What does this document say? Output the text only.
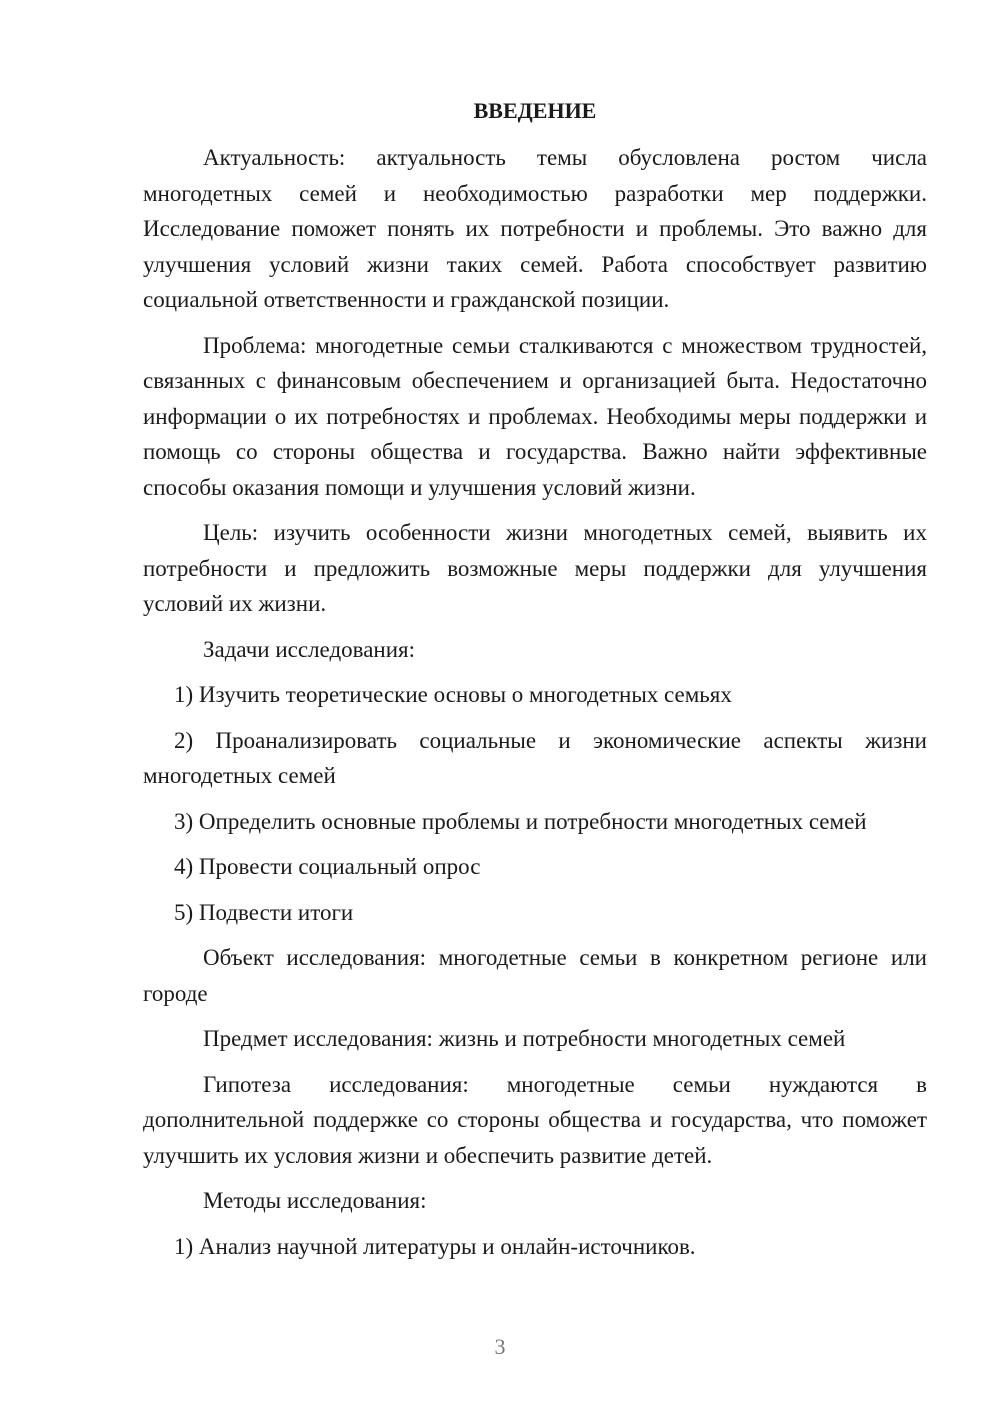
ВВЕДЕНИЕ

Актуальность: актуальность темы обусловлена ростом числа многодетных семей и необходимостью разработки мер поддержки. Исследование поможет понять их потребности и проблемы. Это важно для улучшения условий жизни таких семей. Работа способствует развитию социальной ответственности и гражданской позиции.

Проблема: многодетные семьи сталкиваются с множеством трудностей, связанных с финансовым обеспечением и организацией быта. Недостаточно информации о их потребностях и проблемах. Необходимы меры поддержки и помощь со стороны общества и государства. Важно найти эффективные способы оказания помощи и улучшения условий жизни.

Цель: изучить особенности жизни многодетных семей, выявить их потребности и предложить возможные меры поддержки для улучшения условий их жизни.

Задачи исследования:

1) Изучить теоретические основы о многодетных семьях

2) Проанализировать социальные и экономические аспекты жизни многодетных семей

3) Определить основные проблемы и потребности многодетных семей

4) Провести социальный опрос

5) Подвести итоги

Объект исследования: многодетные семьи в конкретном регионе или городе

Предмет исследования: жизнь и потребности многодетных семей

Гипотеза исследования: многодетные семьи нуждаются в дополнительной поддержке со стороны общества и государства, что поможет улучшить их условия жизни и обеспечить развитие детей.

Методы исследования:

1) Анализ научной литературы и онлайн-источников.

3
